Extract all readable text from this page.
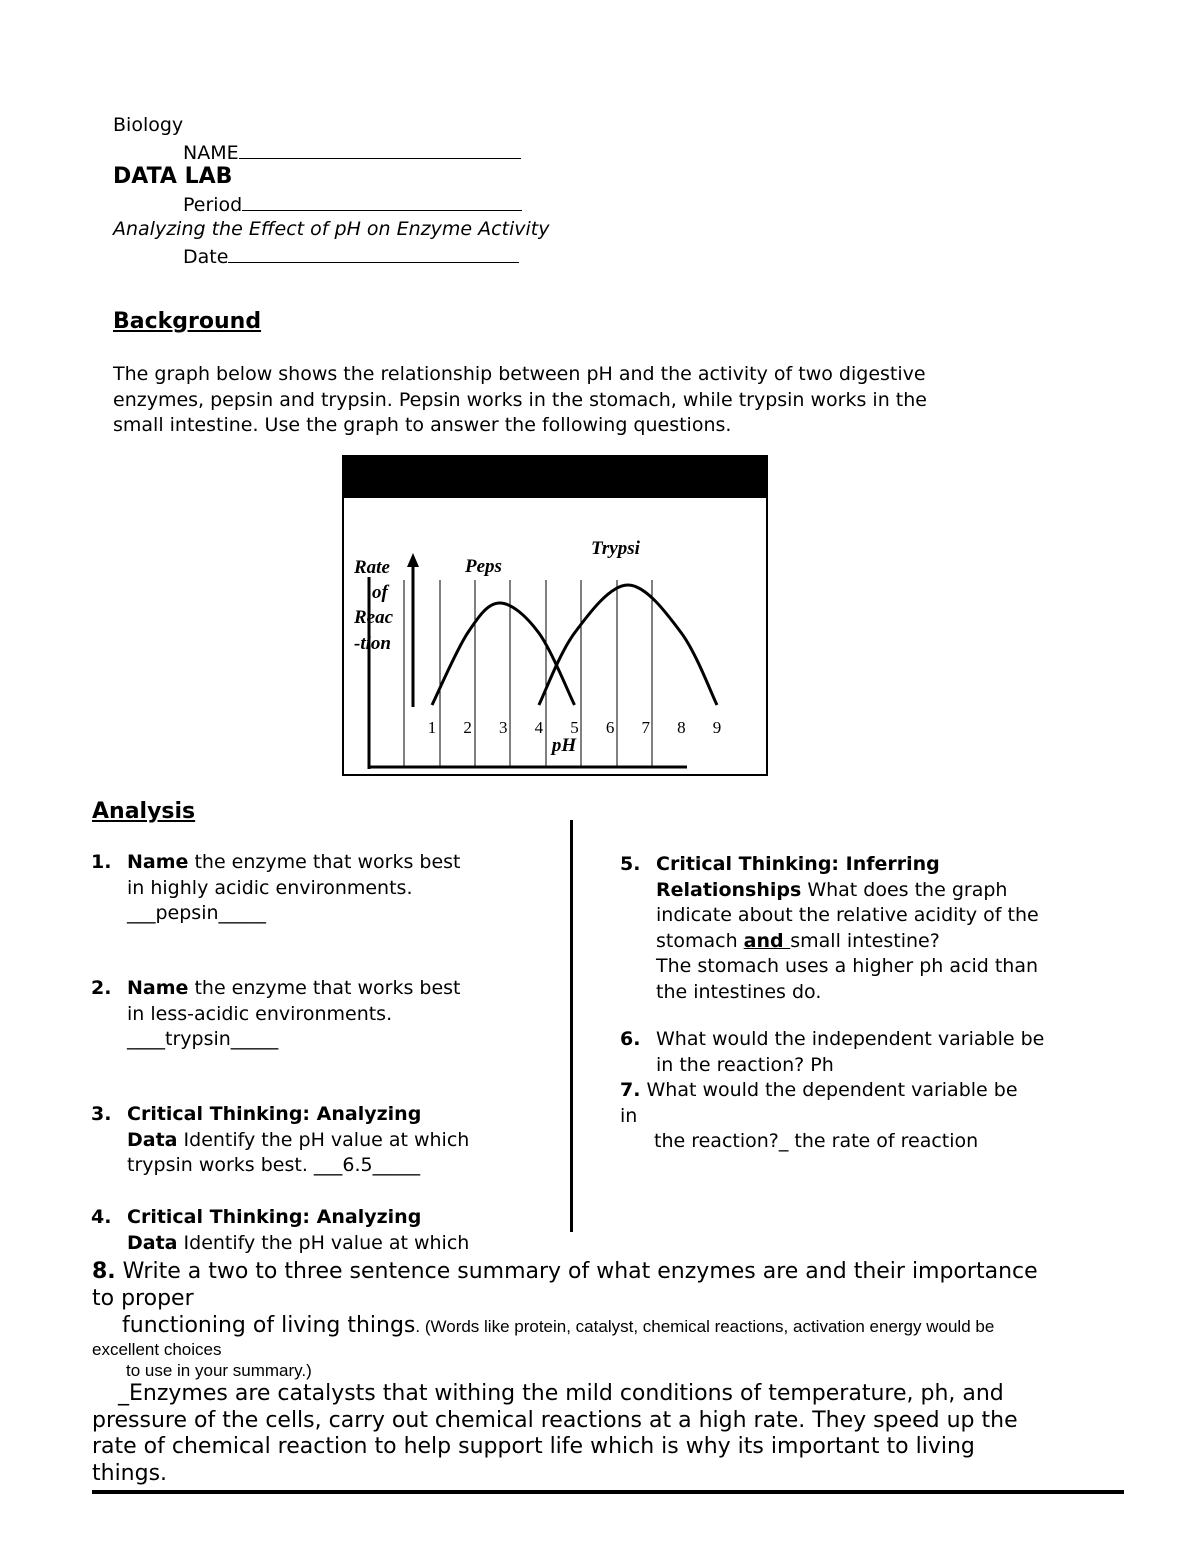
Biology
NAME
DATA LAB
Period
Analyzing the Effect of pH on Enzyme Activity
Date
Background
The graph below shows the relationship between pH and the activity of two digestive
enzymes, pepsin and trypsin. Pepsin works in the stomach, while trypsin works in the
small intestine. Use the graph to answer the following questions.
1 2 3 4 5 6 7 8 9
pH
Rate
of
Reac
-tion
Peps
Trypsi
Analysis
1. Name the enzyme that works best
in highly acidic environments.
___pepsin_____
2. Name the enzyme that works best
in less-acidic environments.
____trypsin_____
3. Critical Thinking: Analyzing
Data Identify the pH value at which
trypsin works best. ___6.5_____
4. Critical Thinking: Analyzing
Data Identify the pH value at which
5. Critical Thinking: Inferring
Relationships What does the graph
indicate about the relative acidity of the
stomach and small intestine?
The stomach uses a higher ph acid than
the intestines do.
6. What would the independent variable be
in the reaction? Ph
7. What would the dependent variable be
in
the reaction?_ the rate of reaction
8. Write a two to three sentence summary of what enzymes are and their importance
to proper
functioning of living things. (Words like protein, catalyst, chemical reactions, activation energy would be
excellent choices
to use in your summary.)
_Enzymes are catalysts that withing the mild conditions of temperature, ph, and
pressure of the cells, carry out chemical reactions at a high rate. They speed up the
rate of chemical reaction to help support life which is why its important to living
things.
